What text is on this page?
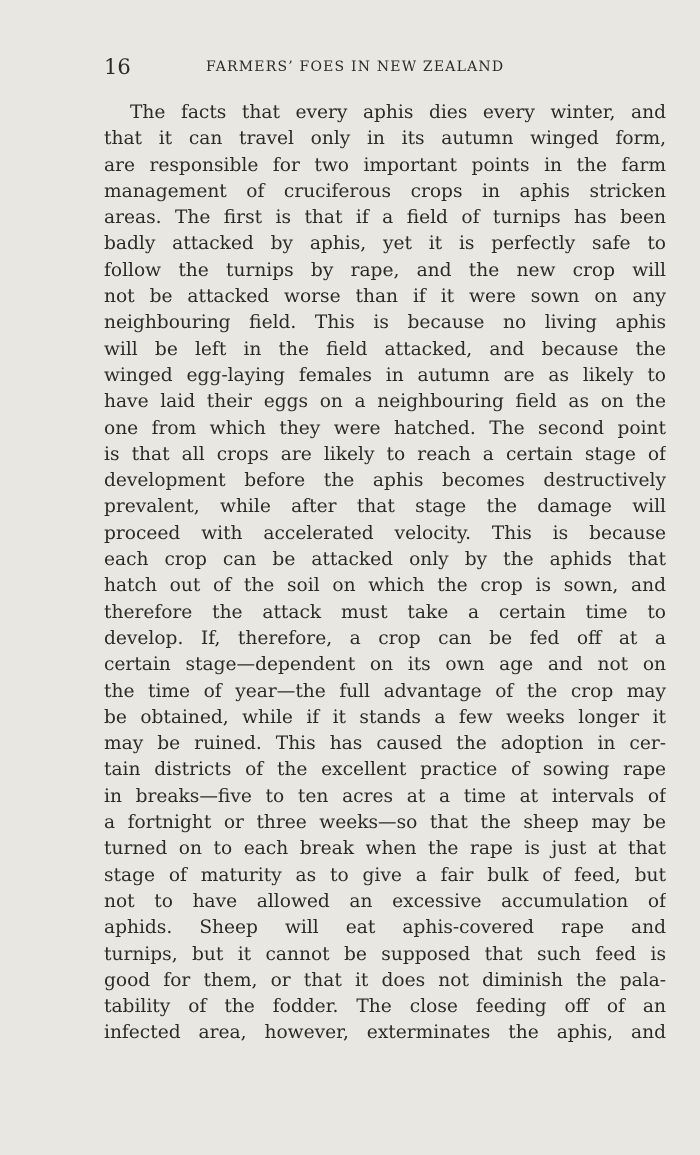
16	FARMERS’ FOES IN NEW ZEALAND
The facts that every aphis dies every winter, and
that it can travel only in its autumn winged form,
are responsible for two important points in the farm
management of cruciferous crops in aphis stricken
areas. The first is that if a field of turnips has been
badly attacked by aphis, yet it is perfectly safe to
follow the turnips by rape, and the new crop will
not be attacked worse than if it were sown on any
neighbouring field. This is because no living aphis
will be left in the field attacked, and because the
winged egg-laying females in autumn are as likely to
have laid their eggs on a neighbouring field as on the
one from which they were hatched. The second point
is that all crops are likely to reach a certain stage of
development before the aphis becomes destructively
prevalent, while after that stage the damage will
proceed with accelerated velocity. This is because
each crop can be attacked only by the aphids that
hatch out of the soil on which the crop is sown, and
therefore the attack must take a certain time to
develop. If, therefore, a crop can be fed off at a
certain stage—dependent on its own age and not on
the time of year—the full advantage of the crop may
be obtained, while if it stands a few weeks longer it
may be ruined. This has caused the adoption in cer-
tain districts of the excellent practice of sowing rape
in breaks—five to ten acres at a time at intervals of
a fortnight or three weeks—so that the sheep may be
turned on to each break when the rape is just at that
stage of maturity as to give a fair bulk of feed, but
not to have allowed an excessive accumulation of
aphids. Sheep will eat aphis-covered rape and
turnips, but it cannot be supposed that such feed is
good for them, or that it does not diminish the pala-
tability of the fodder. The close feeding off of an
infected area, however, exterminates the aphis, and
